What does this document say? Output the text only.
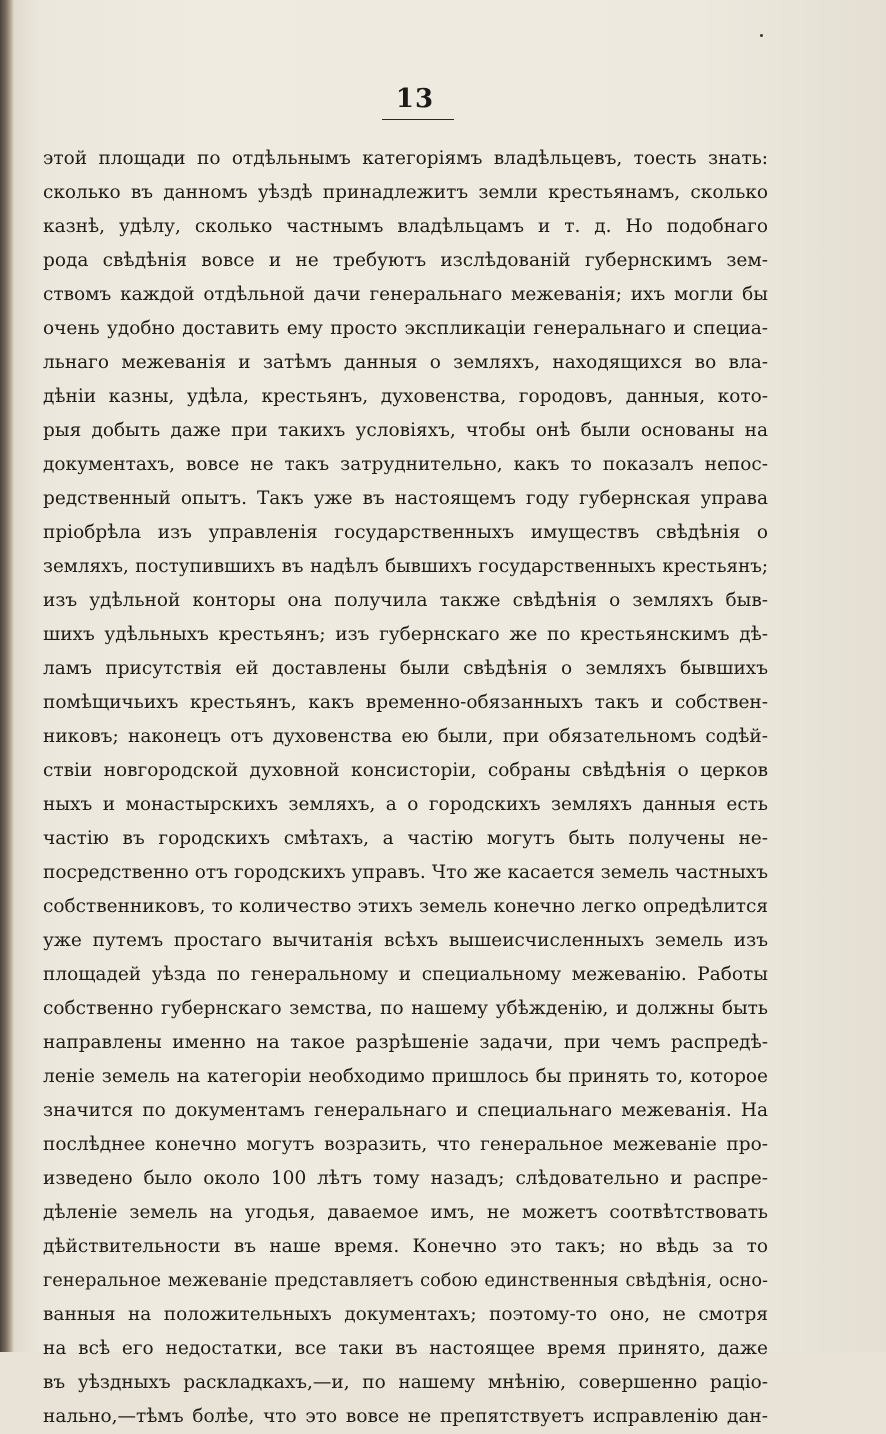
13
этой площади по отдѣльнымъ категоріямъ владѣльцевъ, тоесть знать:
сколько въ данномъ уѣздѣ принадлежитъ земли крестьянамъ, сколько
казнѣ, удѣлу, сколько частнымъ владѣльцамъ и т. д. Но подобнаго
рода свѣдѣнія вовсе и не требуютъ изслѣдованій губернскимъ зем-
ствомъ каждой отдѣльной дачи генеральнаго межеванія; ихъ могли бы
очень удобно доставить ему просто экспликаціи генеральнаго и специа-
льнаго межеванія и затѣмъ данныя о земляхъ, находящихся во вла-
дѣніи казны, удѣла, крестьянъ, духовенства, городовъ, данныя, кото-
рыя добыть даже при такихъ условіяхъ, чтобы онѣ были основаны на
документахъ, вовсе не такъ затруднительно, какъ то показалъ непос-
редственный опытъ. Такъ уже въ настоящемъ году губернская управа
пріобрѣла изъ управленія государственныхъ имуществъ свѣдѣнія о
земляхъ, поступившихъ въ надѣлъ бывшихъ государственныхъ крестьянъ;
изъ удѣльной конторы она получила также свѣдѣнія о земляхъ быв-
шихъ удѣльныхъ крестьянъ; изъ губернскаго же по крестьянскимъ дѣ-
ламъ присутствія ей доставлены были свѣдѣнія о земляхъ бывшихъ
помѣщичьихъ крестьянъ, какъ временно-обязанныхъ такъ и собствен-
никовъ; наконецъ отъ духовенства ею были, при обязательномъ содѣй-
ствіи новгородской духовной консисторіи, собраны свѣдѣнія о церков
ныхъ и монастырскихъ земляхъ, а о городскихъ земляхъ данныя есть
частію въ городскихъ смѣтахъ, а частію могутъ быть получены не-
посредственно отъ городскихъ управъ. Что же касается земель частныхъ
собственниковъ, то количество этихъ земель конечно легко опредѣлится
уже путемъ простаго вычитанія всѣхъ вышеисчисленныхъ земель изъ
площадей уѣзда по генеральному и специальному межеванію. Работы
собственно губернскаго земства, по нашему убѣжденію, и должны быть
направлены именно на такое разрѣшеніе задачи, при чемъ распредѣ-
леніе земель на категоріи необходимо пришлось бы принять то, которое
значится по документамъ генеральнаго и специальнаго межеванія. На
послѣднее конечно могутъ возразить, что генеральное межеваніе про-
изведено было около 100 лѣтъ тому назадъ; слѣдовательно и распре-
дѣленіе земель на угодья, даваемое имъ, не можетъ соотвѣтствовать
дѣйствительности въ наше время. Конечно это такъ; но вѣдь за то
генеральное межеваніе представляетъ собою единственныя свѣдѣнія, осно-
ванныя на положительныхъ документахъ; поэтому-то оно, не смотря
на всѣ его недостатки, все таки въ настоящее время принято, даже
въ уѣздныхъ раскладкахъ,—и, по нашему мнѣнію, совершенно раціо-
нально,—тѣмъ болѣе, что это вовсе не препятствуетъ исправленію дан-
